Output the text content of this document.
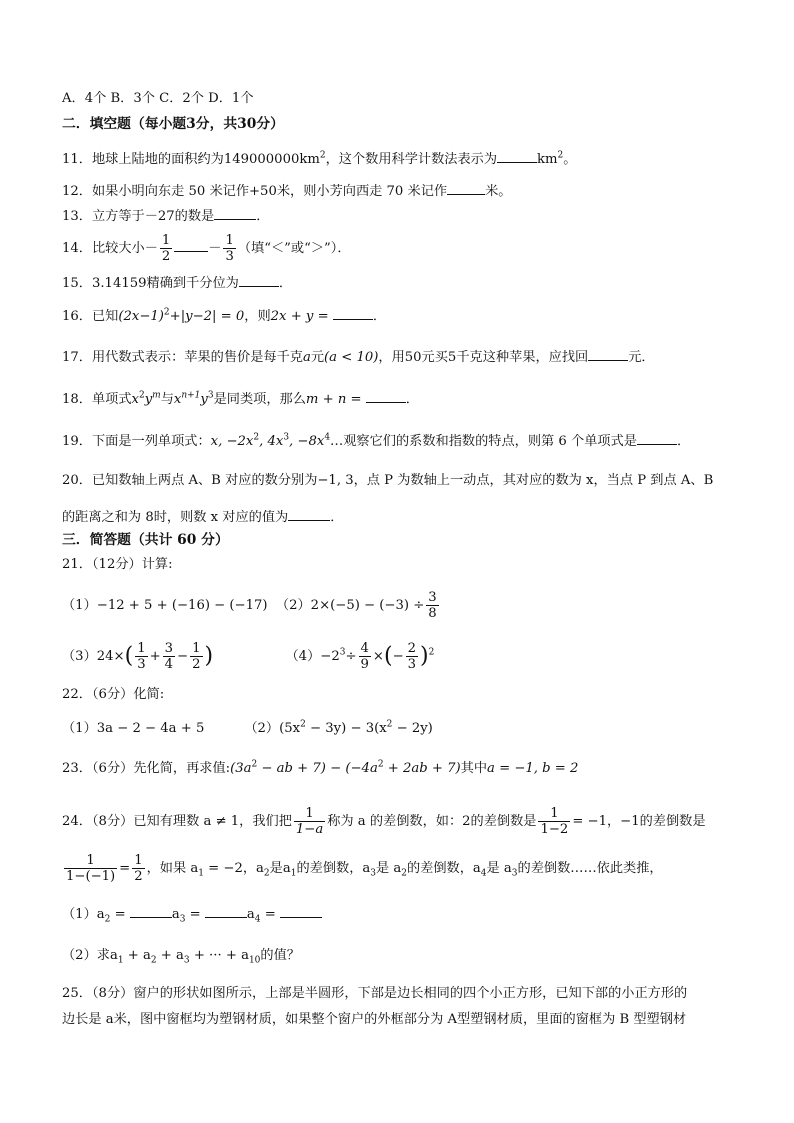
A．4个 B．3个 C．2个 D．1个
二．填空题（每小题3分，共30分）
11．地球上陆地的面积约为$149000000km^2$，这个数用科学计数法表示为	$km^2$。
12．如果小明向东走 50 米记作+50米，则小芳向西走 70 米记作	米。
13．立方等于－27的数是	．
14．比较大小－ $\frac{1}{2}$	－ $\frac{1}{3}$ （填“＜”或“＞”）．
15．3.14159精确到千分位为	．
16．已知$(2x-1)^2+|y-2| = 0$，则2x + y =	．
17．用代数式表示：苹果的售价是每千克a元(a < 10)，用50元买5千克这种苹果，应找回	元．
18．单项式$x^2y^m$与$x^{n+1}y^3$是同类项，那么m + n =	．
19．下面是一列单项式：x, $-2x^2$, $4x^3$, $-8x^4\dots$观察它们的系数和指数的特点，则第 6 个单项式是	．
20．已知数轴上两点 A、B 对应的数分别为−1, 3，点 P 为数轴上一动点，其对应的数为 x，当点 P 到点 A、B
的距离之和为 8时，则数 x 对应的值为	．
三．简答题（共计 60 分）
21．（12分）计算:
（1）−12 + 5 + (−16) − (−17) $(2)2\times(-5) - (-3) \div \frac{3}{8}$
$(3)24\times( \frac{1}{3} + \frac{3}{4} - \frac{1}{2}$ )	$(4)-2^3\div \frac{4}{9}$ ×(− $\frac{2}{3} )^2$
22．（6分）化简:
（1）3a − 2 − 4a + 5	$(2)(5x^2 - 3y) - 3(x^2 - 2y)$
23．（6分）先化简，再求值$:(3a^2$ − ab + $7) - (-4a^2 + 2ab + 7)$其中a = −1, b = 2
24．（8分）已知有理数 a ≠ 1，我们把 $\frac{1}{1-a}$ 称为 a 的差倒数，如：2的差倒数是 $\frac{1}{1-2} = -1$，−1的差倒数是
$\frac{1}{1-(-1)} = \frac{1}{2}$ ，如果 $a_1 = -2$，$a_2$是$a_1$的差倒数，$a_3$是 $a_2$的差倒数，$a_4$是 $a_3$的差倒数……依此类推，
$(1)a_2$ =	$a_3$ =	$a_4$ =
（2）求$a_1 + a_2 + a_3$ + ··· + $a_{10}$的值？
25．（8分）窗户的形状如图所示，上部是半圆形，下部是边长相同的四个小正方形，已知下部的小正方形的
边长是 a米，图中窗框均为塑钢材质，如果整个窗户的外框部分为 A型塑钢材质，里面的窗框为 B 型塑钢材
